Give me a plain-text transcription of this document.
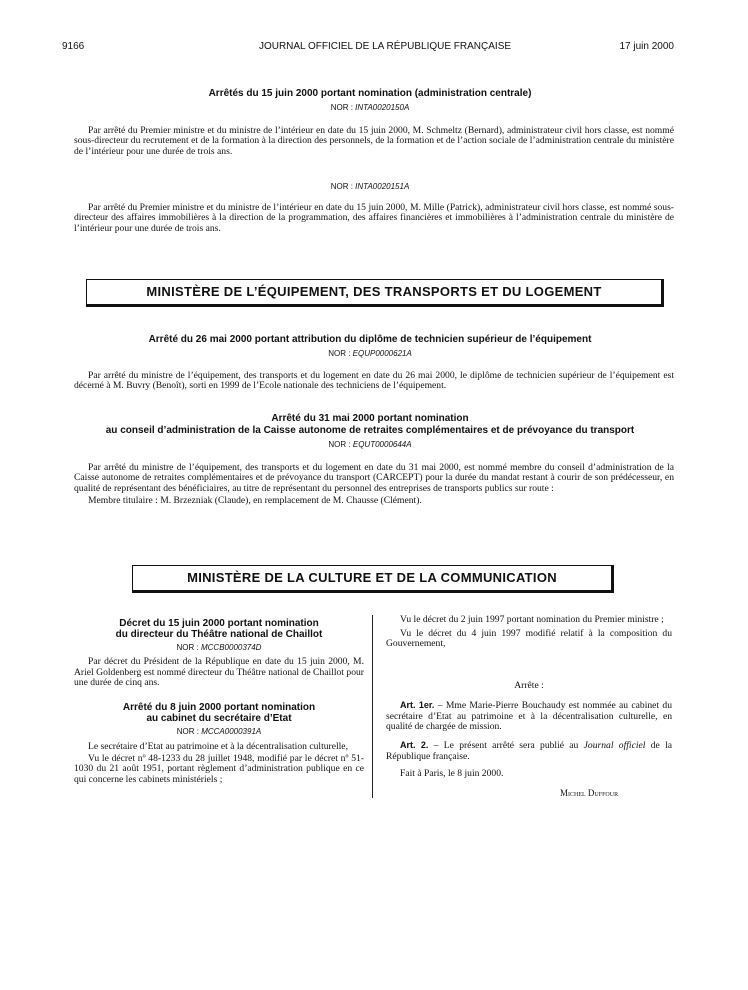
9166	JOURNAL OFFICIEL DE LA RÉPUBLIQUE FRANÇAISE	17 juin 2000
Arrêtés du 15 juin 2000 portant nomination (administration centrale)
NOR : INTA0020150A

Par arrêté du Premier ministre et du ministre de l’intérieur en date du 15 juin 2000, M. Schmeltz (Bernard), administrateur civil hors classe, est nommé sous-directeur du recrutement et de la formation à la direction des personnels, de la formation et de l’action sociale de l’administration centrale du ministère de l’intérieur pour une durée de trois ans.

NOR : INTA0020151A

Par arrêté du Premier ministre et du ministre de l’intérieur en date du 15 juin 2000, M. Mille (Patrick), administrateur civil hors classe, est nommé sous-directeur des affaires immobilières à la direction de la programmation, des affaires financières et immobilières à l’administration centrale du ministère de l’intérieur pour une durée de trois ans.

MINISTÈRE DE L’ÉQUIPEMENT, DES TRANSPORTS ET DU LOGEMENT
Arrêté du 26 mai 2000 portant attribution du diplôme de technicien supérieur de l’équipement
NOR : EQUP0000621A

Par arrêté du ministre de l’équipement, des transports et du logement en date du 26 mai 2000, le diplôme de technicien supérieur de l’équipement est décerné à M. Buvry (Benoît), sorti en 1999 de l’Ecole nationale des techniciens de l’équipement.

Arrêté du 31 mai 2000 portant nomination
au conseil d’administration de la Caisse autonome de retraites complémentaires et de prévoyance du transport
NOR : EQUT0000644A

Par arrêté du ministre de l’équipement, des transports et du logement en date du 31 mai 2000, est nommé membre du conseil d’administration de la Caisse autonome de retraites complémentaires et de prévoyance du transport (CARCEPT) pour la durée du mandat restant à courir de son prédécesseur, en qualité de représentant des bénéficiaires, au titre de représentant du personnel des entreprises de transports publics sur route :

Membre titulaire : M. Brzezniak (Claude), en remplacement de M. Chausse (Clément).

MINISTÈRE DE LA CULTURE ET DE LA COMMUNICATION
Décret du 15 juin 2000 portant nomination
du directeur du Théâtre national de Chaillot
NOR : MCCB0000374D

Par décret du Président de la République en date du 15 juin 2000, M. Ariel Goldenberg est nommé directeur du Théâtre national de Chaillot pour une durée de cinq ans.

Arrêté du 8 juin 2000 portant nomination
au cabinet du secrétaire d’Etat
NOR : MCCA0000391A

Le secrétaire d’Etat au patrimoine et à la décentralisation culturelle,

Vu le décret nº 48-1233 du 28 juillet 1948, modifié par le décret nº 51-1030 du 21 août 1951, portant règlement d’administration publique en ce qui concerne les cabinets ministériels ;

Vu le décret du 2 juin 1997 portant nomination du Premier ministre ;

Vu le décret du 4 juin 1997 modifié relatif à la composition du Gouvernement,

Arrête :

Art. 1er. – Mme Marie-Pierre Bouchaudy est nommée au cabinet du secrétaire d’Etat au patrimoine et à la décentralisation culturelle, en qualité de chargée de mission.

Art. 2. – Le présent arrêté sera publié au Journal officiel de la République française.

Fait à Paris, le 8 juin 2000.

Michel Duffour
